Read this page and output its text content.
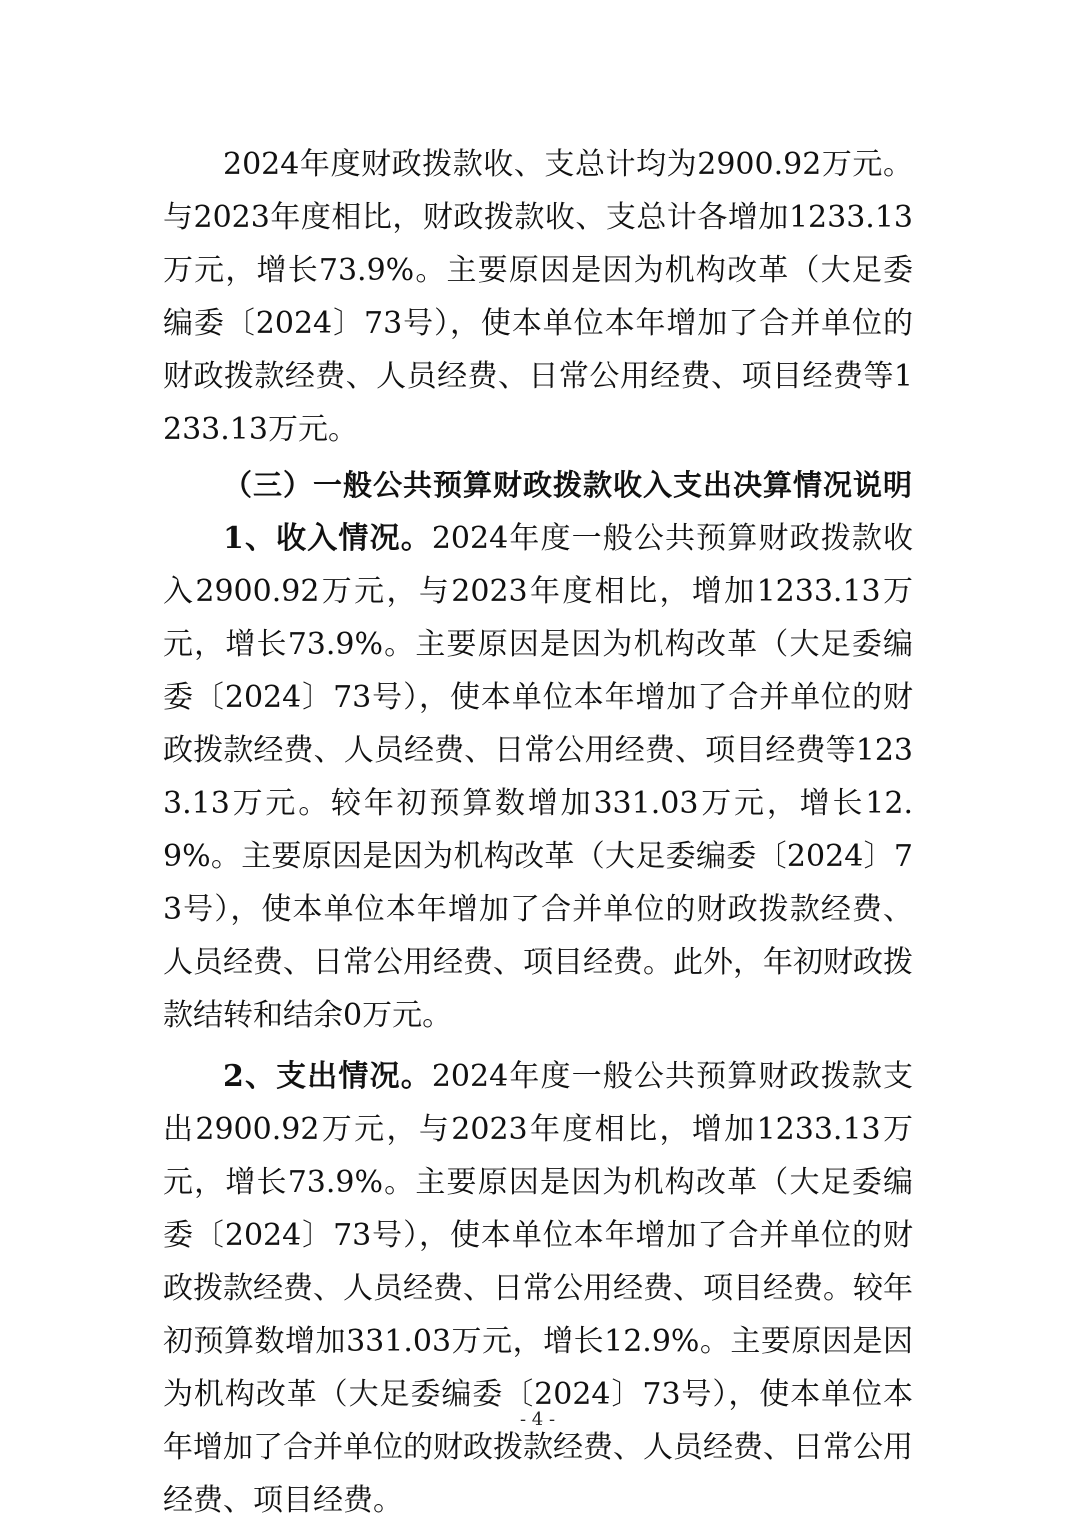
2024年度财政拨款收、支总计均为2900.92万元。与2023年度相比，财政拨款收、支总计各增加1233.13万元，增长73.9%。主要原因是因为机构改革（大足委编委〔2024〕73号），使本单位本年增加了合并单位的财政拨款经费、人员经费、日常公用经费、项目经费等1233.13万元。

（三）一般公共预算财政拨款收入支出决算情况说明

1、收入情况。2024年度一般公共预算财政拨款收入2900.92万元，与2023年度相比，增加1233.13万元，增长73.9%。主要原因是因为机构改革（大足委编委〔2024〕73号），使本单位本年增加了合并单位的财政拨款经费、人员经费、日常公用经费、项目经费等1233.13万元。较年初预算数增加331.03万元，增长12.9%。主要原因是因为机构改革（大足委编委〔2024〕73号），使本单位本年增加了合并单位的财政拨款经费、人员经费、日常公用经费、项目经费。此外，年初财政拨款结转和结余0万元。

2、支出情况。2024年度一般公共预算财政拨款支出2900.92万元，与2023年度相比，增加1233.13万元，增长73.9%。主要原因是因为机构改革（大足委编委〔2024〕73号），使本单位本年增加了合并单位的财政拨款经费、人员经费、日常公用经费、项目经费。较年初预算数增加331.03万元，增长12.9%。主要原因是因为机构改革（大足委编委〔2024〕73号），使本单位本年增加了合并单位的财政拨款经费、人员经费、日常公用经费、项目经费。

- 4 -
